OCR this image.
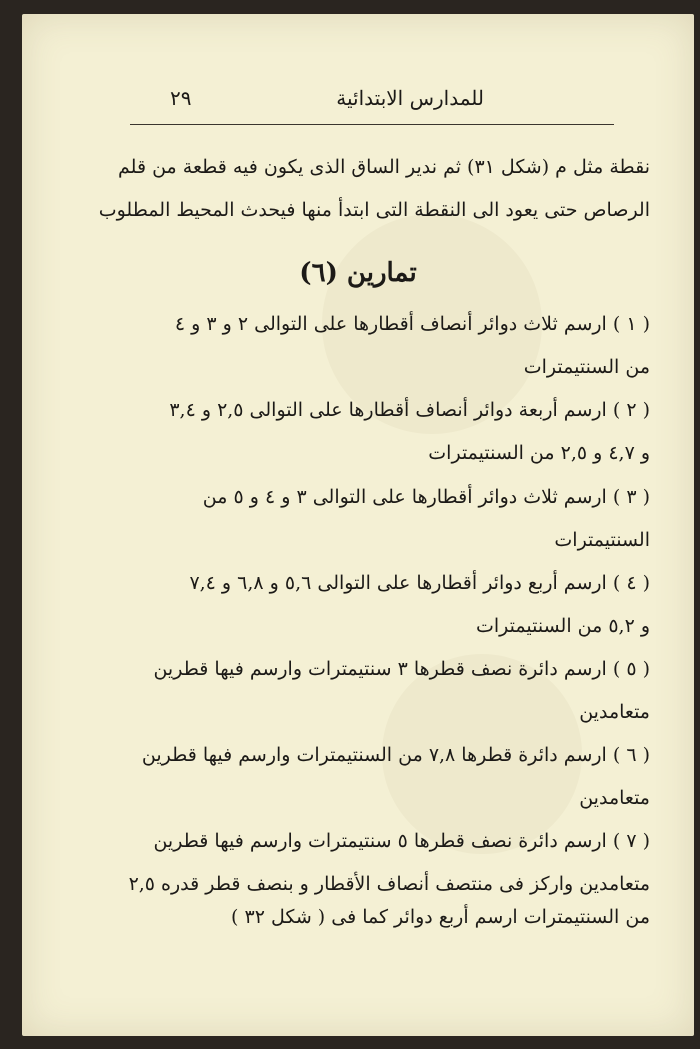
للمدارس الابتدائية
٢٩
نقطة مثل م (شكل ٣١) ثم ندير الساق الذى يكون فيه قطعة من قلم
الرصاص حتى يعود الى النقطة التى ابتدأ منها فيحدث المحيط المطلوب
تمارين (٦)
( ١ ) ارسم ثلاث دوائر أنصاف أقطارها على التوالى ٢ و ٣ و ٤
من السنتيمترات
( ٢ ) ارسم أربعة دوائر أنصاف أقطارها على التوالى ٢,٥ و ٣,٤
و ٤,٧ و ٢,٥ من السنتيمترات
( ٣ ) ارسم ثلاث دوائر أقطارها على التوالى ٣ و ٤ و ٥ من
السنتيمترات
( ٤ ) ارسم أربع دوائر أقطارها على التوالى ٥,٦ و ٦,٨ و ٧,٤
و ٥,٢ من السنتيمترات
( ٥ ) ارسم دائرة نصف قطرها ٣ سنتيمترات وارسم فيها قطرين
متعامدين
( ٦ ) ارسم دائرة قطرها ٧,٨ من السنتيمترات وارسم فيها قطرين
متعامدين
( ٧ ) ارسم دائرة نصف قطرها ٥ سنتيمترات وارسم فيها قطرين
متعامدين واركز فى منتصف أنصاف الأقطار و بنصف قطر قدره ٢,٥
من السنتيمترات ارسم أربع دوائر كما فى ( شكل ٣٢ )
